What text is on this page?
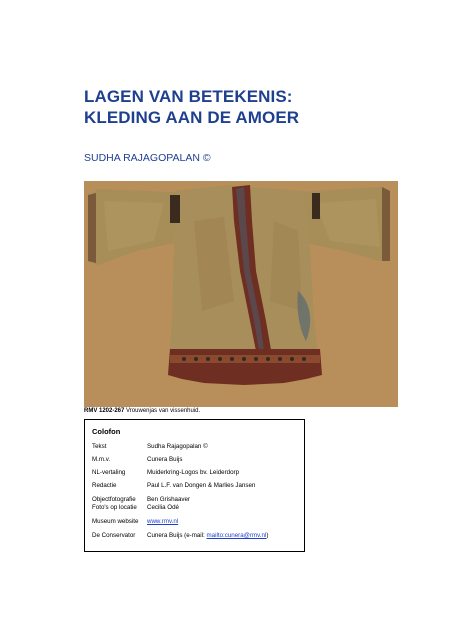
LAGEN VAN BETEKENIS:
KLEDING AAN DE AMOER
SUDHA RAJAGOPALAN ©
RMV 1202-267 Vrouwenjas van vissenhuid.
Colofon
Tekst	Sudha Rajagopalan ©
M.m.v.	Cunera Buijs
NL-vertaling	Muiderkring-Logos bv. Leiderdorp
Redactie	Paul L.F. van Dongen & Marlies Jansen
Objectfotografie	Ben Grishaaver
Foto's op locatie	Cecilia Odé
Museum website	www.rmv.nl
De Conservator	Cunera Buijs (e-mail: mailto:cunera@rmv.nl)
